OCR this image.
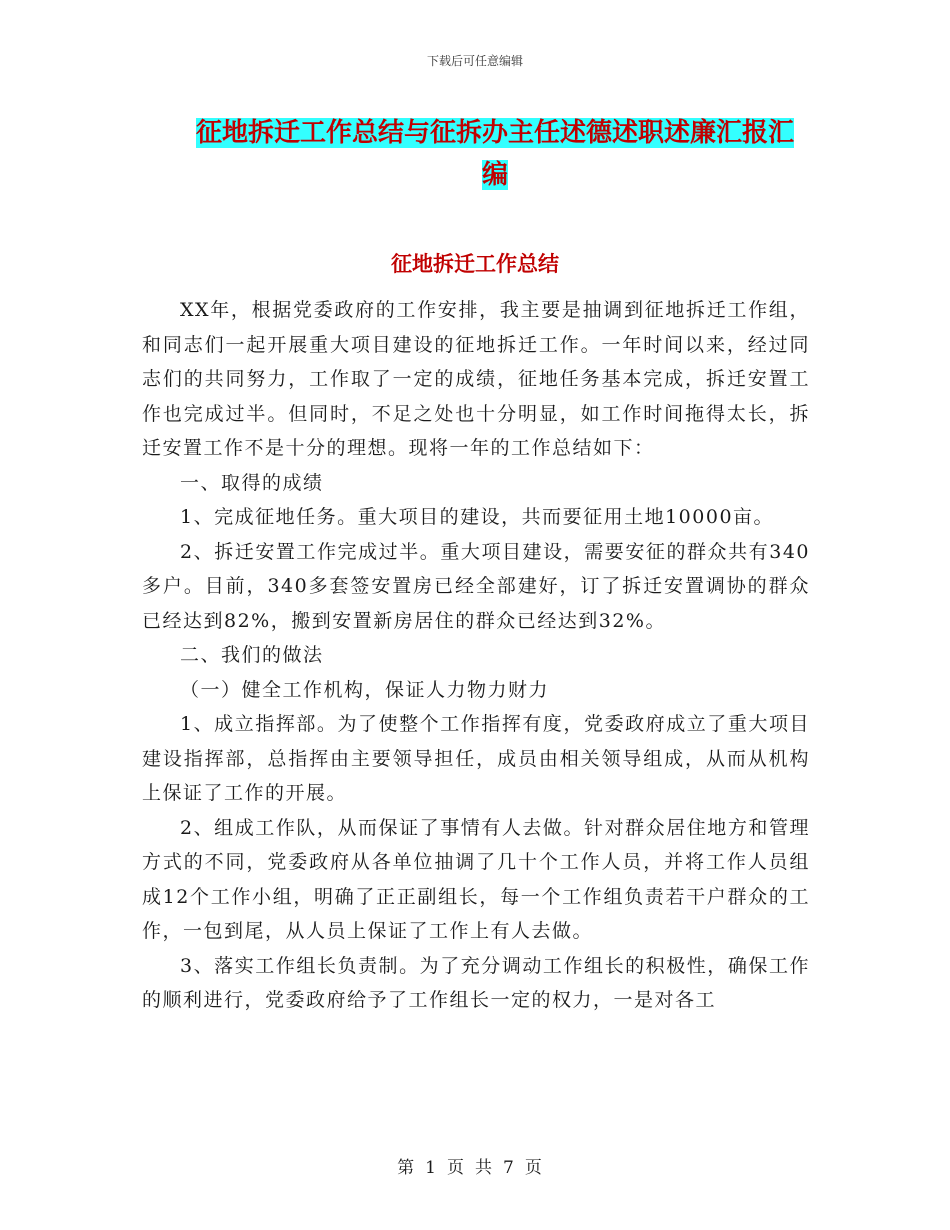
下载后可任意编辑
征地拆迁工作总结与征拆办主任述德述职述廉汇报汇
编
征地拆迁工作总结

XX年，根据党委政府的工作安排，我主要是抽调到征地拆迁工作组，和同志们一起开展重大项目建设的征地拆迁工作。一年时间以来，经过同志们的共同努力，工作取了一定的成绩，征地任务基本完成，拆迁安置工作也完成过半。但同时，不足之处也十分明显，如工作时间拖得太长，拆迁安置工作不是十分的理想。现将一年的工作总结如下：

一、取得的成绩

1、完成征地任务。重大项目的建设，共而要征用土地10000亩。

2、拆迁安置工作完成过半。重大项目建设，需要安征的群众共有340多户。目前，340多套签安置房已经全部建好，订了拆迁安置调协的群众已经达到82%，搬到安置新房居住的群众已经达到32%。

二、我们的做法

（一）健全工作机构，保证人力物力财力

1、成立指挥部。为了使整个工作指挥有度，党委政府成立了重大项目建设指挥部，总指挥由主要领导担任，成员由相关领导组成，从而从机构上保证了工作的开展。

2、组成工作队，从而保证了事情有人去做。针对群众居住地方和管理方式的不同，党委政府从各单位抽调了几十个工作人员，并将工作人员组成12个工作小组，明确了正正副组长，每一个工作组负责若干户群众的工作，一包到尾，从人员上保证了工作上有人去做。

3、落实工作组长负责制。为了充分调动工作组长的积极性，确保工作的顺利进行，党委政府给予了工作组长一定的权力，一是对各工

第 1 页 共 7 页
